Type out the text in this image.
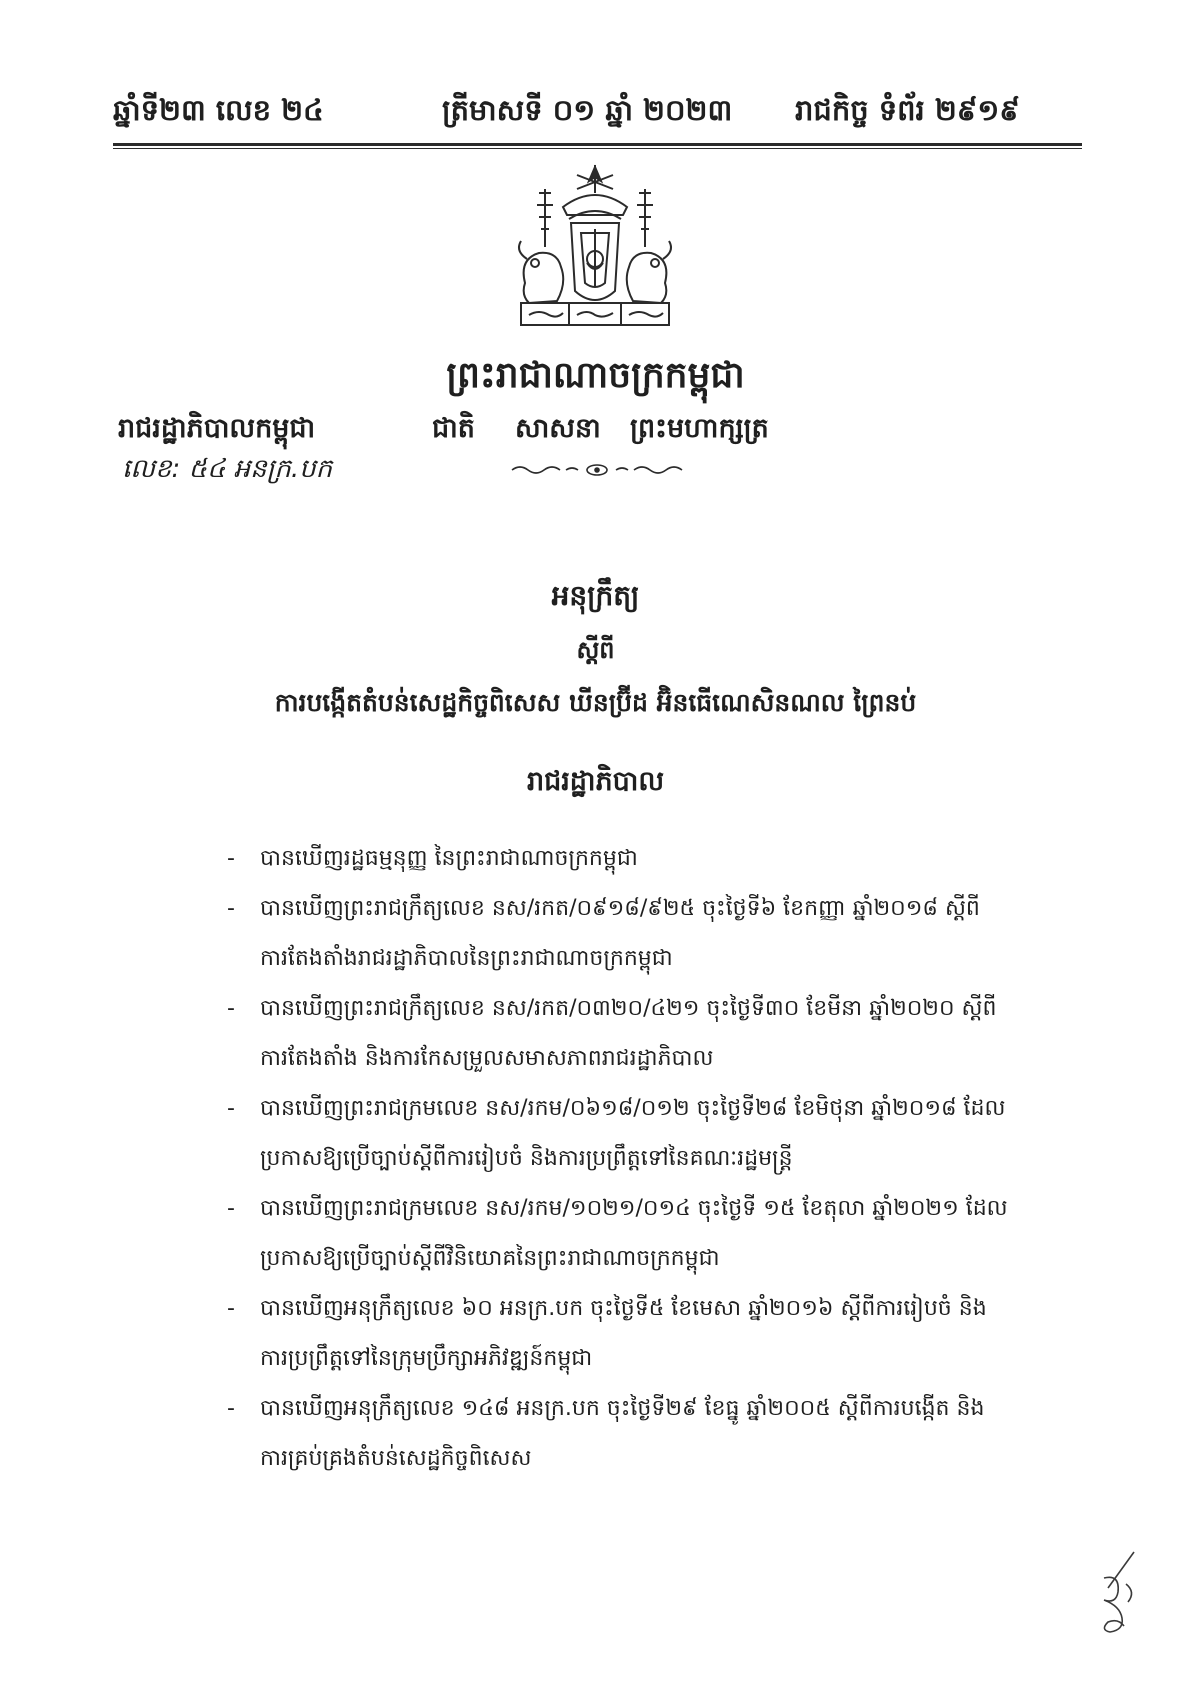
ឆ្នាំទី២៣ លេខ ២៤	ត្រីមាសទី ០១ ឆ្នាំ ២០២៣ រាជកិច្ច ទំព័រ ២៩១៩
ព្រះរាជាណាចក្រកម្ពុជា
រាជរដ្ឋាភិបាលកម្ពុជា	ជាតិ សាសនា ព្រះមហាក្សត្រ
លេខ: ៥៤ អនក្រ.បក
អនុក្រឹត្យ
ស្តីពី
ការបង្កើតតំបន់សេដ្ឋកិច្ចពិសេស ឃីនប្រ៊ីដ អ៊ិនធើណេសិនណល ព្រៃនប់
រាជរដ្ឋាភិបាល
- បានឃើញរដ្ឋធម្មនុញ្ញ នៃព្រះរាជាណាចក្រកម្ពុជា
- បានឃើញព្រះរាជក្រឹត្យលេខ នស/រកត/០៩១៨/៩២៥ ចុះថ្ងៃទី៦ ខែកញ្ញា ឆ្នាំ២០១៨ ស្តីពី
ការតែងតាំងរាជរដ្ឋាភិបាលនៃព្រះរាជាណាចក្រកម្ពុជា
- បានឃើញព្រះរាជក្រឹត្យលេខ នស/រកត/០៣២០/៤២១ ចុះថ្ងៃទី៣០ ខែមីនា ឆ្នាំ២០២០ ស្តីពី
ការតែងតាំង និងការកែសម្រួលសមាសភាពរាជរដ្ឋាភិបាល
- បានឃើញព្រះរាជក្រមលេខ នស/រកម/០៦១៨/០១២ ចុះថ្ងៃទី២៨ ខែមិថុនា ឆ្នាំ២០១៨ ដែល
ប្រកាសឱ្យប្រើច្បាប់ស្តីពីការរៀបចំ និងការប្រព្រឹត្តទៅនៃគណៈរដ្ឋមន្ត្រី
- បានឃើញព្រះរាជក្រមលេខ នស/រកម/១០២១/០១៤ ចុះថ្ងៃទី ១៥ ខែតុលា ឆ្នាំ២០២១ ដែល
ប្រកាសឱ្យប្រើច្បាប់ស្តីពីវិនិយោគនៃព្រះរាជាណាចក្រកម្ពុជា
- បានឃើញអនុក្រឹត្យលេខ ៦០ អនក្រ.បក ចុះថ្ងៃទី៥ ខែមេសា ឆ្នាំ២០១៦ ស្តីពីការរៀបចំ និង
ការប្រព្រឹត្តទៅនៃក្រុមប្រឹក្សាអភិវឌ្ឍន៍កម្ពុជា
- បានឃើញអនុក្រឹត្យលេខ ១៤៨ អនក្រ.បក ចុះថ្ងៃទី២៩ ខែធ្នូ ឆ្នាំ២០០៥ ស្តីពីការបង្កើត និង
ការគ្រប់គ្រងតំបន់សេដ្ឋកិច្ចពិសេស
